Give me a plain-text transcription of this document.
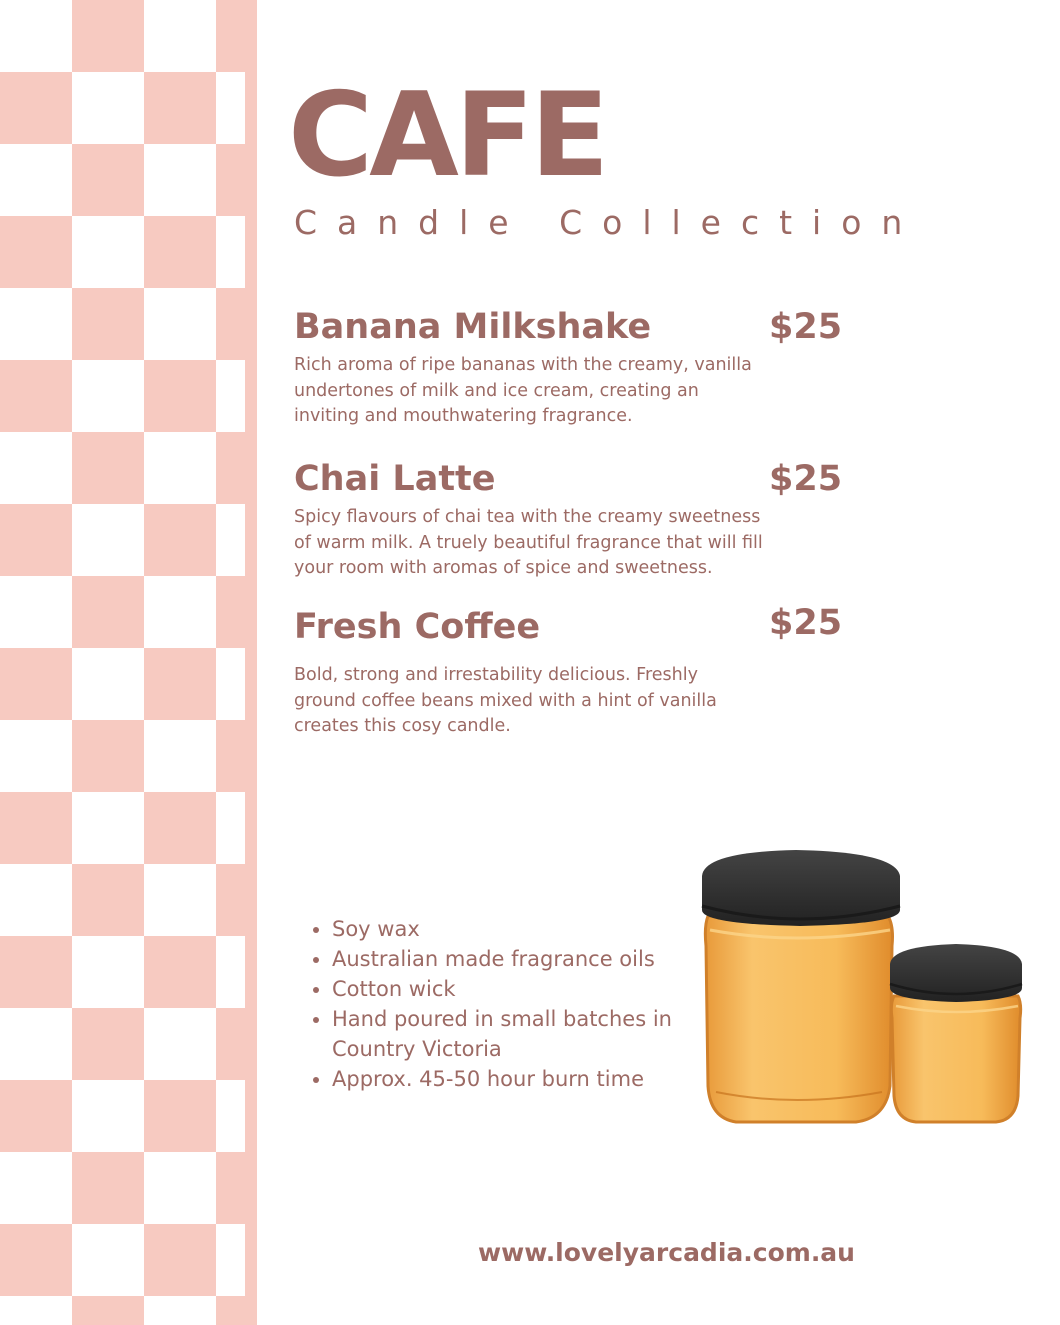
CAFE

Candle Collection

Banana Milkshake	$25

Rich aroma of ripe bananas with the creamy, vanilla undertones of milk and ice cream, creating an inviting and mouthwatering fragrance.

Chai Latte	$25

Spicy flavours of chai tea with the creamy sweetness of warm milk. A truely beautiful fragrance that will fill your room with aromas of spice and sweetness.

Fresh Coffee	$25

Bold, strong and irrestability delicious. Freshly ground coffee beans mixed with a hint of vanilla creates this cosy candle.

• Soy wax
• Australian made fragrance oils
• Cotton wick
• Hand poured in small batches in Country Victoria
• Approx. 45-50 hour burn time

www.lovelyarcadia.com.au
